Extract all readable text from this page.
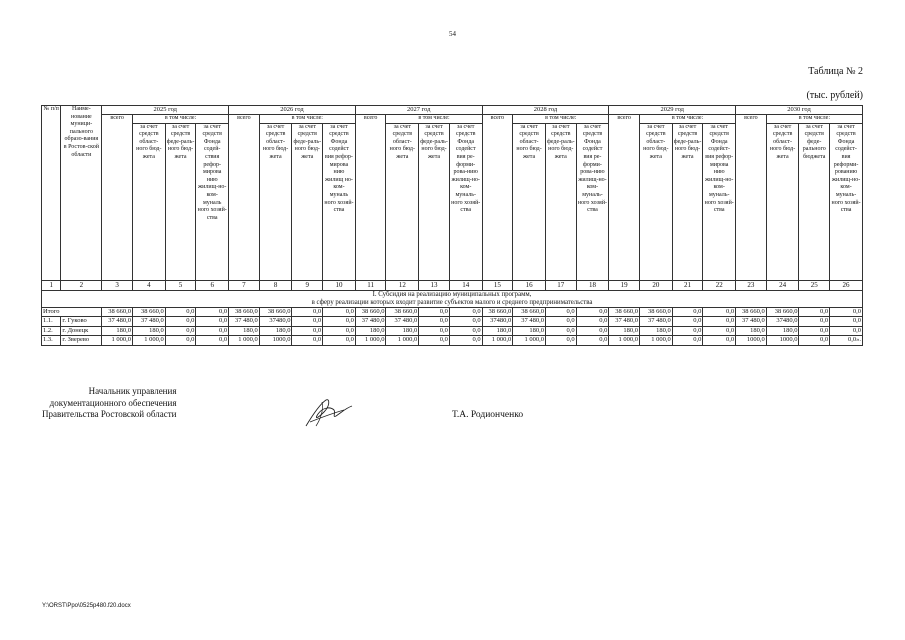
54
Таблица № 2
(тыс. рублей)
№ п/п	Наиме-нование муници-пального образо-вания в Ростов-ской области	2025 год				2026 год				2027 год				2028 год				2029 год				2030 год			
		всего	в том числе:			всего	в том числе:			всего	в том числе:			всего	в том числе:			всего	в том числе:			всего	в том числе:		
			за счет средств област-ного бюд-жета	за счет средств феде-раль-ного бюд-жета	за счет средств Фонда содей-ствия рефор-мирова нию жилищ-но-ком-муналь ного хозяй-ства		за счет средств област-ного бюд-жета	за счет средств феде-раль-ного бюд-жета	за счет средств Фонда содейст вия рефор-мирова нию жилищ но-ком-муналь ного хозяй-ства		за счет средств област-ного бюд-жета	за счет средств феде-раль-ного бюд-жета	за счет средств Фонда содейст вия ре-форми-рова-нию жилищ-но-ком-муналь-ного хозяй-ства		за счет средств област-ного бюд-жета	за счет средств феде-раль-ного бюд-жета	за счет средств Фонда содейст вия ре-форми-рова-нию жилищ-но-ком-муналь-ного хозяй-ства		за счет средств област-ного бюд-жета	за счет средств феде-раль-ного бюд-жета	за счет средств Фонда содейст-вия рефор-мирова нию жилищ-но-ком-муналь-ного хозяй-ства		за счет средств област-ного бюд-жета	за счет средств феде-рального бюджета	за счет средств Фонда содейст-вия реформи-рованию жилищ-но-ком-муналь-ного хозяй-ства
1	2	3	4	5	6	7	8	9	10	11	12	13	14	15	16	17	18	19	20	21	22	23	24	25	26

I. Субсидия на реализацию муниципальных программ,
в сферу реализации которых входит развитие субъектов малого и среднего предпринимательства																									

Итого		38 660,0	38 660,0	0,0	0,0	38 660,0	38 660,0	0,0	0,0	38 660,0	38 660,0	0,0	0,0	38 660,0	38 660,0	0,0	0,0	38 660,0	38 660,0	0,0	0,0	38 660,0	38 660,0	0,0	0,0
1.1.	г. Гуково	37 480,0	37 480,0	0,0	0,0	37 480,0	37480,0	0,0	0,0	37 480,0	37 480,0	0,0	0,0	37480,0	37 480,0	0,0	0,0	37 480,0	37 480,0	0,0	0,0	37 480,0	37480,0	0,0	0,0
1.2.	г. Донецк	180,0	180,0	0,0	0,0	180,0	180,0	0,0	0,0	180,0	180,0	0,0	0,0	180,0	180,0	0,0	0,0	180,0	180,0	0,0	0,0	180,0	180,0	0,0	0,0
1.3.	г. Зверево	1 000,0	1 000,0	0,0	0,0	1 000,0	1000,0	0,0	0,0	1 000,0	1 000,0	0,0	0,0	1 000,0	1 000,0	0,0	0,0	1 000,0	1 000,0	0,0	0,0	1000,0	1000,0	0,0	0,0».
Начальник управления
документационного обеспечения
Правительства Ростовской области	Т.А. Родионченко
Y:\ORST\Ppo\0525p480.f20.docx
